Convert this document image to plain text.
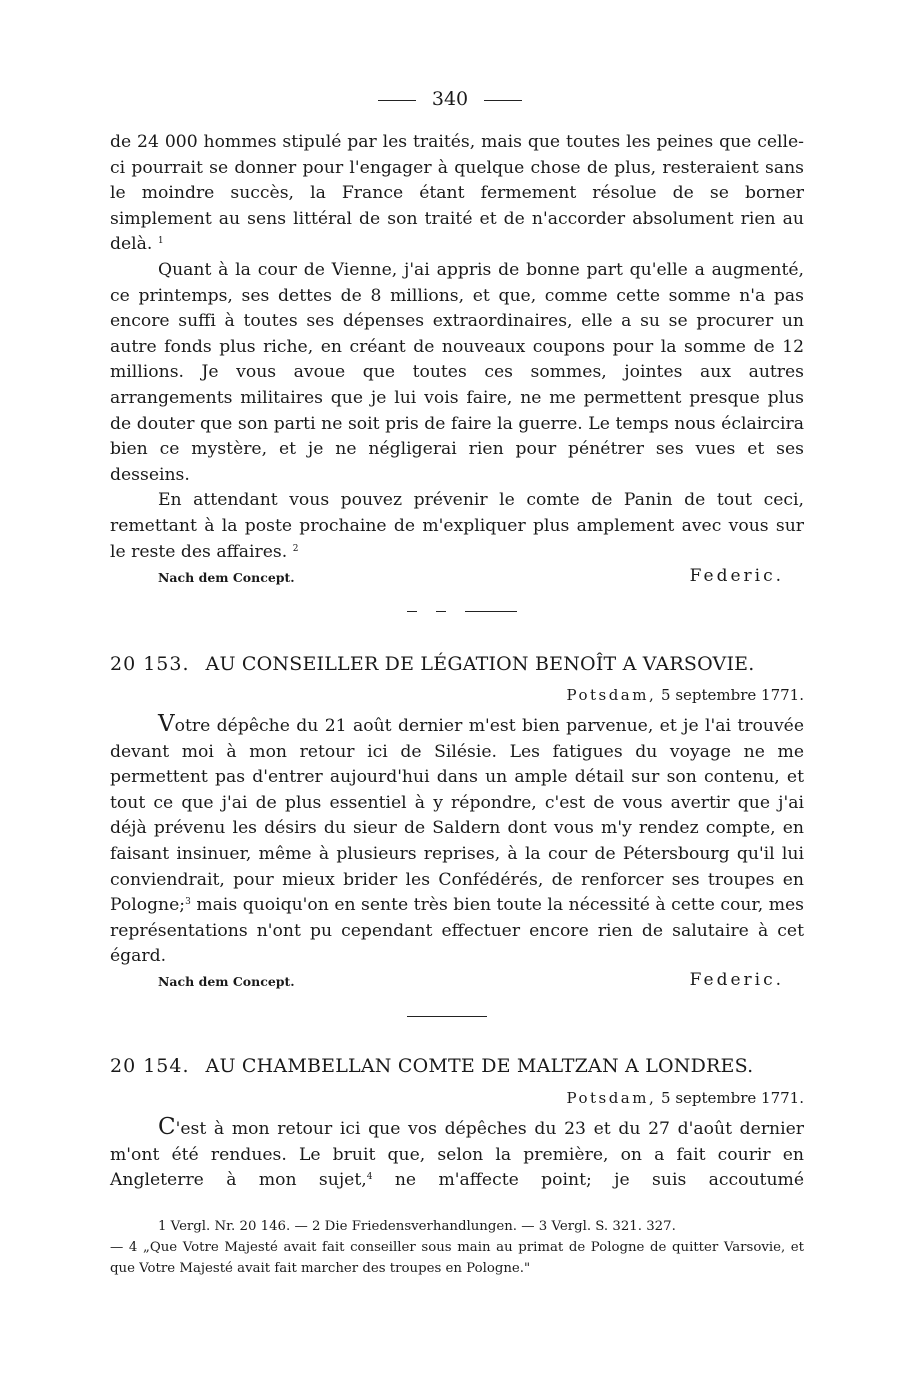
340

de 24 000 hommes stipulé par les traités, mais que toutes les peines que celle-ci pourrait se donner pour l'engager à quelque chose de plus, resteraient sans le moindre succès, la France étant fermement résolue de se borner simplement au sens littéral de son traité et de n'accorder absolument rien au delà. $^1$

Quant à la cour de Vienne, j'ai appris de bonne part qu'elle a augmenté, ce printemps, ses dettes de 8 millions, et que, comme cette somme n'a pas encore suffi à toutes ses dépenses extraordinaires, elle a su se procurer un autre fonds plus riche, en créant de nouveaux coupons pour la somme de 12 millions. Je vous avoue que toutes ces sommes, jointes aux autres arrangements militaires que je lui vois faire, ne me permettent presque plus de douter que son parti ne soit pris de faire la guerre. Le temps nous éclaircira bien ce mystère, et je ne négligerai rien pour pénétrer ses vues et ses desseins.

En attendant vous pouvez prévenir le comte de Panin de tout ceci, remettant à la poste prochaine de m'expliquer plus amplement avec vous sur le reste des affaires. $^2$

Nach dem Concept.	Federic.
20 153. AU CONSEILLER DE LÉGATION BENOÎT A VARSOVIE.
Potsdam, 5 septembre 1771.

Votre dépêche du 21 août dernier m'est bien parvenue, et je l'ai trouvée devant moi à mon retour ici de Silésie. Les fatigues du voyage ne me permettent pas d'entrer aujourd'hui dans un ample détail sur son contenu, et tout ce que j'ai de plus essentiel à y répondre, c'est de vous avertir que j'ai déjà prévenu les désirs du sieur de Saldern dont vous m'y rendez compte, en faisant insinuer, même à plusieurs reprises, à la cour de Pétersbourg qu'il lui conviendrait, pour mieux brider les Confédérés, de renforcer ses troupes en Pologne;$^3$ mais quoiqu'on en sente très bien toute la nécessité à cette cour, mes représentations n'ont pu cependant effectuer encore rien de salutaire à cet égard.

Nach dem Concept.	Federic.
20 154. AU CHAMBELLAN COMTE DE MALTZAN A LONDRES.
Potsdam, 5 septembre 1771.

C'est à mon retour ici que vos dépêches du 23 et du 27 d'août dernier m'ont été rendues. Le bruit que, selon la première, on a fait courir en Angleterre à mon sujet,$^4$ ne m'affecte point; je suis accoutumé

1 Vergl. Nr. 20 146. — 2 Die Friedensverhandlungen. — 3 Vergl. S. 321. 327.

— 4 „Que Votre Majesté avait fait conseiller sous main au primat de Pologne de quitter Varsovie, et que Votre Majesté avait fait marcher des troupes en Pologne."
